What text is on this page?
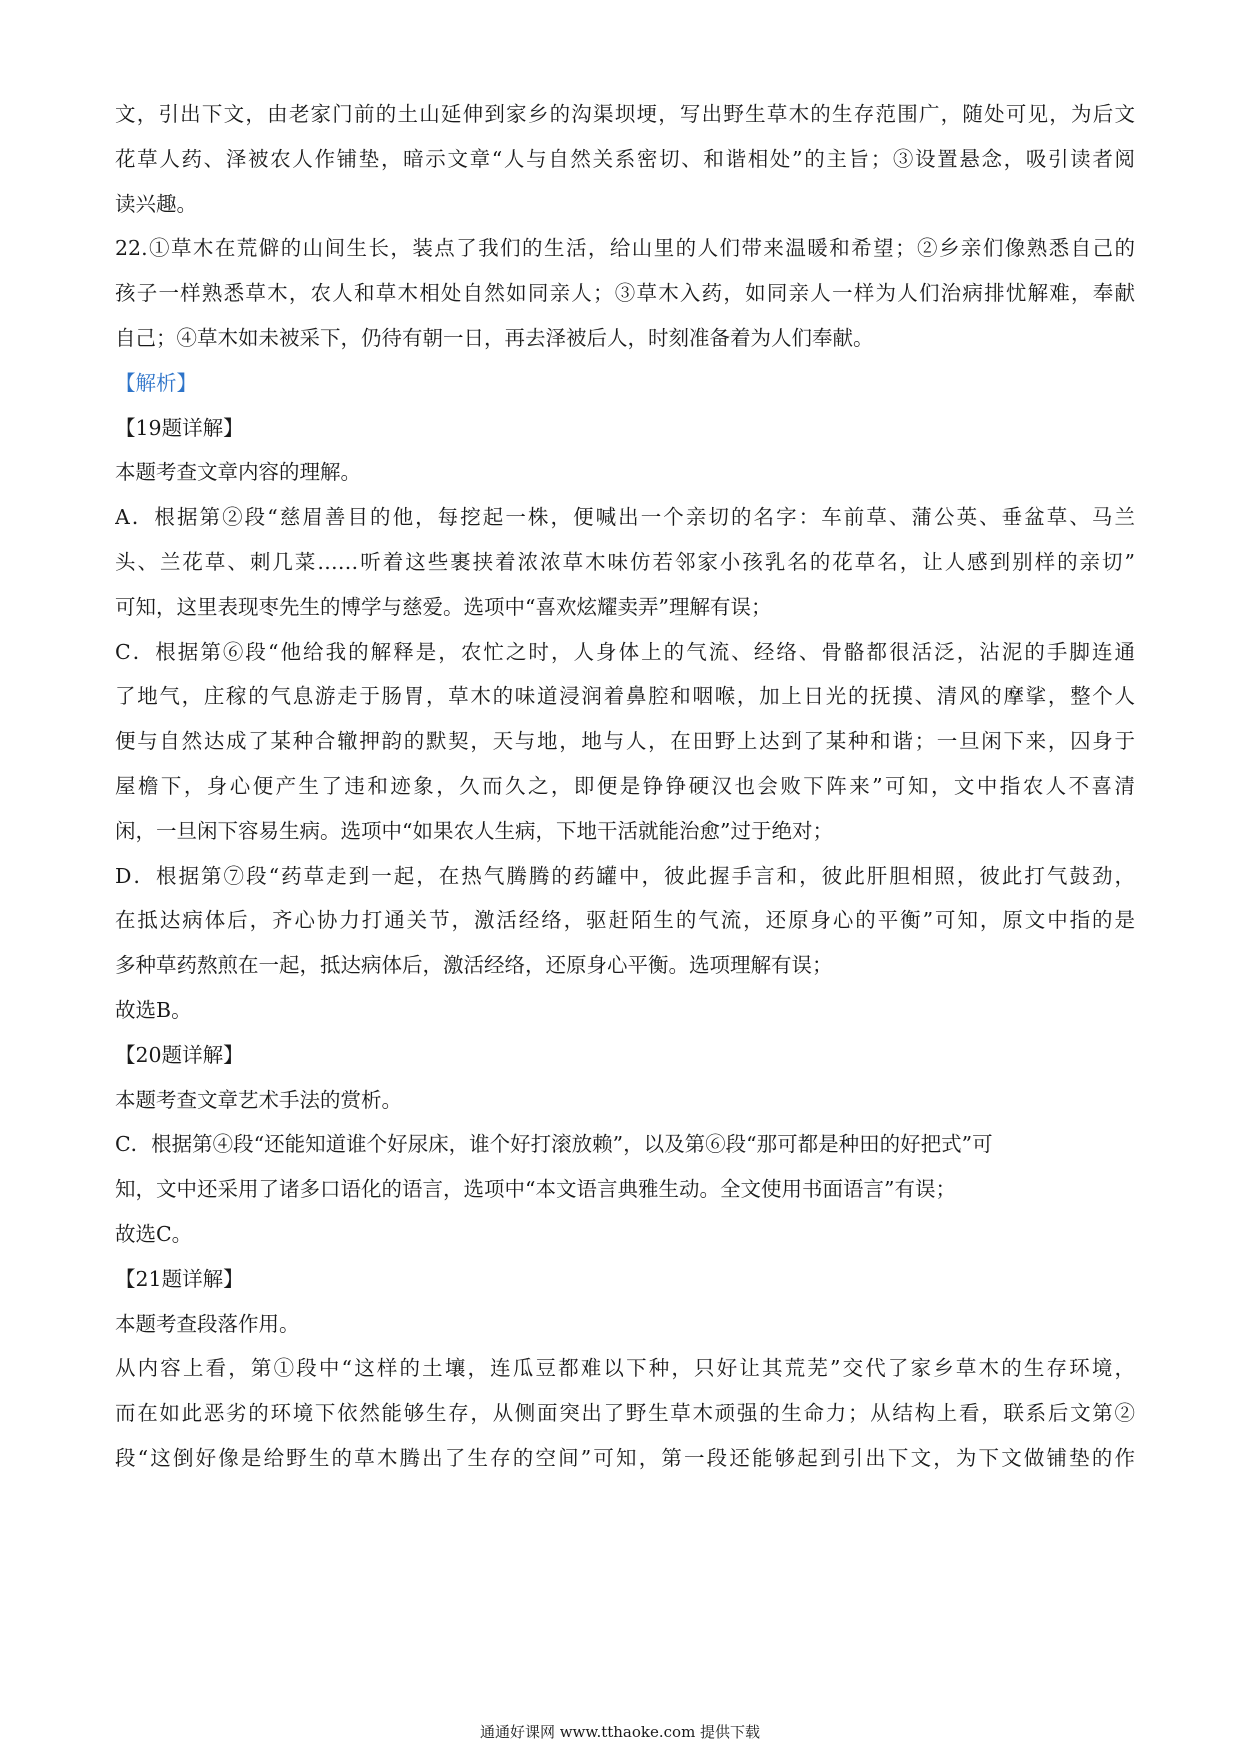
文，引出下文，由老家门前的土山延伸到家乡的沟渠坝埂，写出野生草木的生存范围广，随处可见，为后文
花草人药、泽被农人作铺垫，暗示文章“人与自然关系密切、和谐相处”的主旨；③设置悬念，吸引读者阅
读兴趣。
22.①草木在荒僻的山间生长，装点了我们的生活，给山里的人们带来温暖和希望；②乡亲们像熟悉自己的
孩子一样熟悉草木，农人和草木相处自然如同亲人；③草木入药，如同亲人一样为人们治病排忧解难，奉献
自己；④草木如未被采下，仍待有朝一日，再去泽被后人，时刻准备着为人们奉献。
【解析】
【19题详解】
本题考查文章内容的理解。
A．根据第②段“慈眉善目的他，每挖起一株，便喊出一个亲切的名字：车前草、蒲公英、垂盆草、马兰
头、兰花草、刺几菜……听着这些裹挟着浓浓草木味仿若邻家小孩乳名的花草名，让人感到别样的亲切”
可知，这里表现枣先生的博学与慈爱。选项中“喜欢炫耀卖弄”理解有误；
C．根据第⑥段“他给我的解释是，农忙之时，人身体上的气流、经络、骨骼都很活泛，沾泥的手脚连通
了地气，庄稼的气息游走于肠胃，草木的味道浸润着鼻腔和咽喉，加上日光的抚摸、清风的摩挲，整个人
便与自然达成了某种合辙押韵的默契，天与地，地与人，在田野上达到了某种和谐；一旦闲下来，囚身于
屋檐下，身心便产生了违和迹象，久而久之，即便是铮铮硬汉也会败下阵来”可知，文中指农人不喜清
闲，一旦闲下容易生病。选项中“如果农人生病，下地干活就能治愈”过于绝对；
D．根据第⑦段“药草走到一起，在热气腾腾的药罐中，彼此握手言和，彼此肝胆相照，彼此打气鼓劲，
在抵达病体后，齐心协力打通关节，激活经络，驱赶陌生的气流，还原身心的平衡”可知，原文中指的是
多种草药熬煎在一起，抵达病体后，激活经络，还原身心平衡。选项理解有误；
故选B。
【20题详解】
本题考查文章艺术手法的赏析。
C．根据第④段“还能知道谁个好尿床，谁个好打滚放赖”，以及第⑥段“那可都是种田的好把式”可
知，文中还采用了诸多口语化的语言，选项中“本文语言典雅生动。全文使用书面语言”有误；
故选C。
【21题详解】
本题考查段落作用。
从内容上看，第①段中“这样的土壤，连瓜豆都难以下种，只好让其荒芜”交代了家乡草木的生存环境，
而在如此恶劣的环境下依然能够生存，从侧面突出了野生草木顽强的生命力；从结构上看，联系后文第②
段“这倒好像是给野生的草木腾出了生存的空间”可知，第一段还能够起到引出下文，为下文做铺垫的作
通通好课网 www.tthaoke.com 提供下载
